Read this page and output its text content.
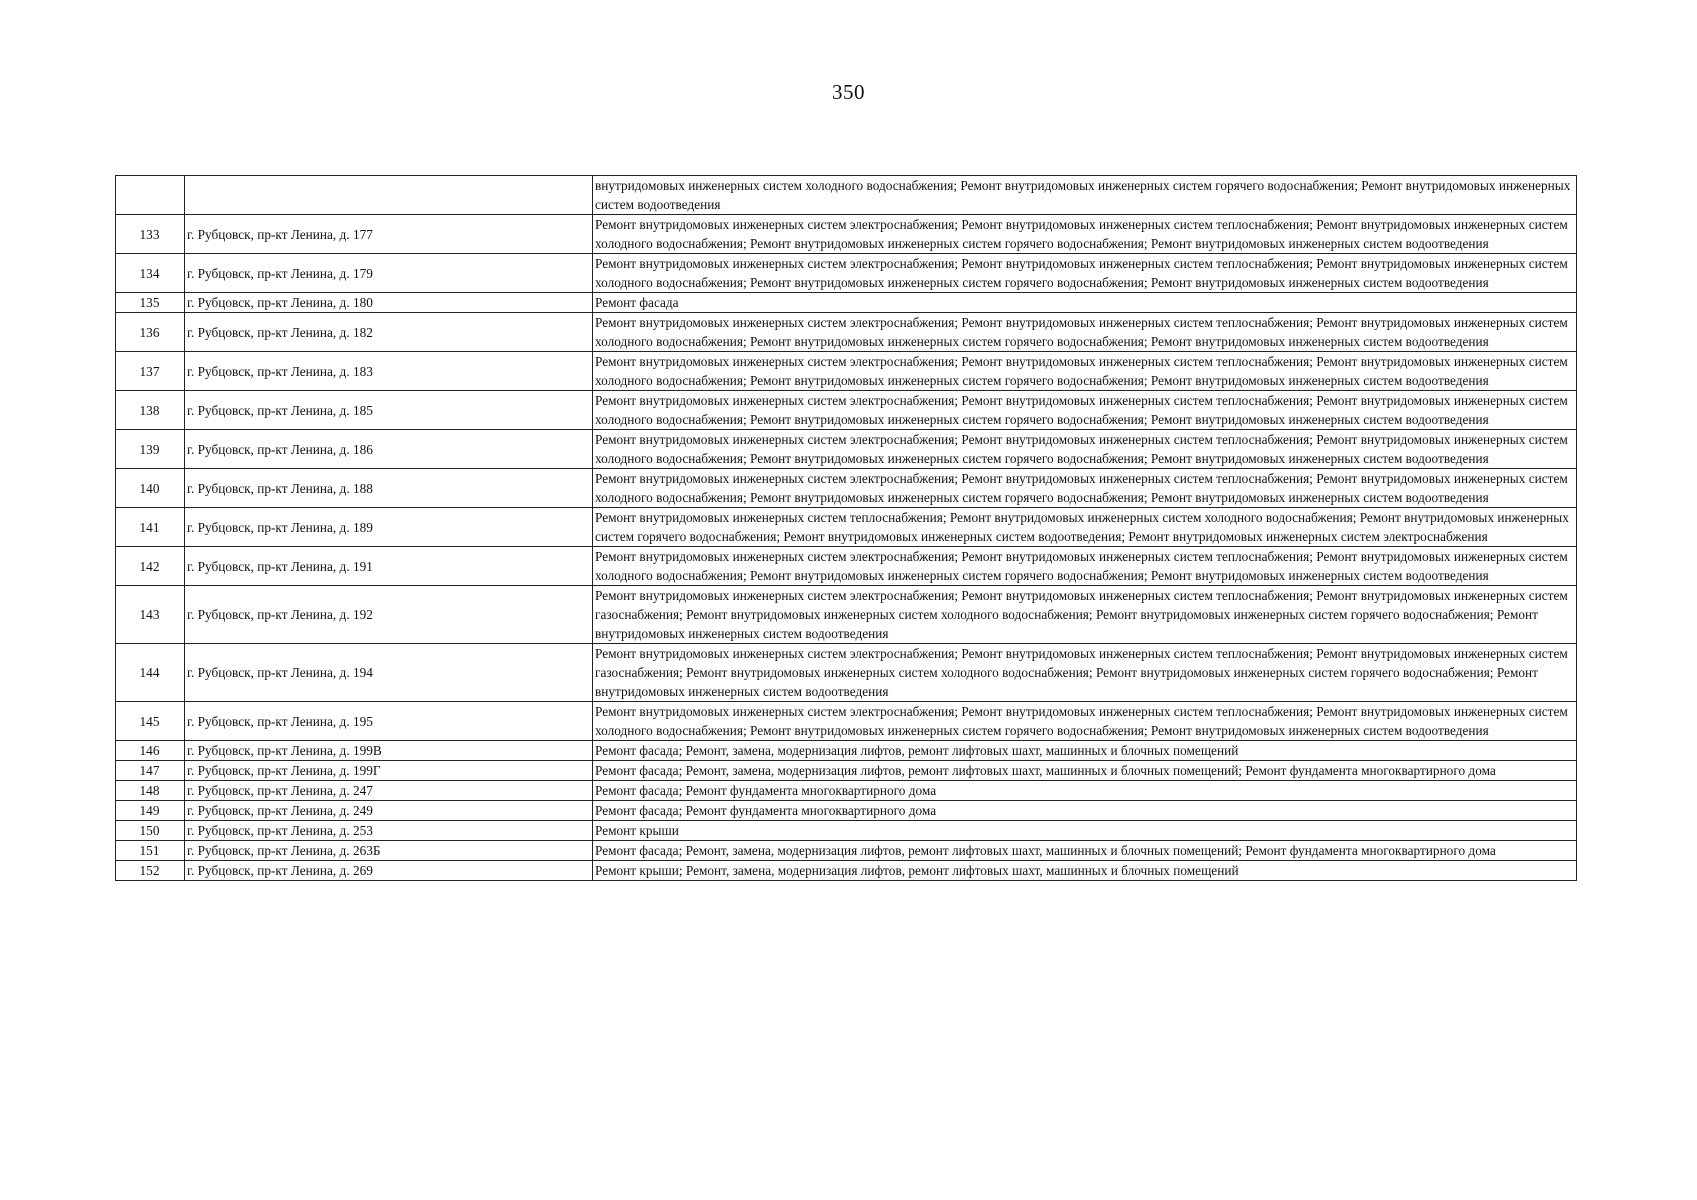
350
		внутридомовых инженерных систем холодного водоснабжения; Ремонт внутридомовых инженерных систем горячего водоснабжения; Ремонт внутридомовых инженерных систем водоотведения
133	г. Рубцовск, пр-кт Ленина, д. 177	Ремонт внутридомовых инженерных систем электроснабжения; Ремонт внутридомовых инженерных систем теплоснабжения; Ремонт внутридомовых инженерных систем холодного водоснабжения; Ремонт внутридомовых инженерных систем горячего водоснабжения; Ремонт внутридомовых инженерных систем водоотведения
134	г. Рубцовск, пр-кт Ленина, д. 179	Ремонт внутридомовых инженерных систем электроснабжения; Ремонт внутридомовых инженерных систем теплоснабжения; Ремонт внутридомовых инженерных систем холодного водоснабжения; Ремонт внутридомовых инженерных систем горячего водоснабжения; Ремонт внутридомовых инженерных систем водоотведения
135	г. Рубцовск, пр-кт Ленина, д. 180	Ремонт фасада
136	г. Рубцовск, пр-кт Ленина, д. 182	Ремонт внутридомовых инженерных систем электроснабжения; Ремонт внутридомовых инженерных систем теплоснабжения; Ремонт внутридомовых инженерных систем холодного водоснабжения; Ремонт внутридомовых инженерных систем горячего водоснабжения; Ремонт внутридомовых инженерных систем водоотведения
137	г. Рубцовск, пр-кт Ленина, д. 183	Ремонт внутридомовых инженерных систем электроснабжения; Ремонт внутридомовых инженерных систем теплоснабжения; Ремонт внутридомовых инженерных систем холодного водоснабжения; Ремонт внутридомовых инженерных систем горячего водоснабжения; Ремонт внутридомовых инженерных систем водоотведения
138	г. Рубцовск, пр-кт Ленина, д. 185	Ремонт внутридомовых инженерных систем электроснабжения; Ремонт внутридомовых инженерных систем теплоснабжения; Ремонт внутридомовых инженерных систем холодного водоснабжения; Ремонт внутридомовых инженерных систем горячего водоснабжения; Ремонт внутридомовых инженерных систем водоотведения
139	г. Рубцовск, пр-кт Ленина, д. 186	Ремонт внутридомовых инженерных систем электроснабжения; Ремонт внутридомовых инженерных систем теплоснабжения; Ремонт внутридомовых инженерных систем холодного водоснабжения; Ремонт внутридомовых инженерных систем горячего водоснабжения; Ремонт внутридомовых инженерных систем водоотведения
140	г. Рубцовск, пр-кт Ленина, д. 188	Ремонт внутридомовых инженерных систем электроснабжения; Ремонт внутридомовых инженерных систем теплоснабжения; Ремонт внутридомовых инженерных систем холодного водоснабжения; Ремонт внутридомовых инженерных систем горячего водоснабжения; Ремонт внутридомовых инженерных систем водоотведения
141	г. Рубцовск, пр-кт Ленина, д. 189	Ремонт внутридомовых инженерных систем теплоснабжения; Ремонт внутридомовых инженерных систем холодного водоснабжения; Ремонт внутридомовых инженерных систем горячего водоснабжения; Ремонт внутридомовых инженерных систем водоотведения; Ремонт внутридомовых инженерных систем электроснабжения
142	г. Рубцовск, пр-кт Ленина, д. 191	Ремонт внутридомовых инженерных систем электроснабжения; Ремонт внутридомовых инженерных систем теплоснабжения; Ремонт внутридомовых инженерных систем холодного водоснабжения; Ремонт внутридомовых инженерных систем горячего водоснабжения; Ремонт внутридомовых инженерных систем водоотведения
143	г. Рубцовск, пр-кт Ленина, д. 192	Ремонт внутридомовых инженерных систем электроснабжения; Ремонт внутридомовых инженерных систем теплоснабжения; Ремонт внутридомовых инженерных систем газоснабжения; Ремонт внутридомовых инженерных систем холодного водоснабжения; Ремонт внутридомовых инженерных систем горячего водоснабжения; Ремонт внутридомовых инженерных систем водоотведения
144	г. Рубцовск, пр-кт Ленина, д. 194	Ремонт внутридомовых инженерных систем электроснабжения; Ремонт внутридомовых инженерных систем теплоснабжения; Ремонт внутридомовых инженерных систем газоснабжения; Ремонт внутридомовых инженерных систем холодного водоснабжения; Ремонт внутридомовых инженерных систем горячего водоснабжения; Ремонт внутридомовых инженерных систем водоотведения
145	г. Рубцовск, пр-кт Ленина, д. 195	Ремонт внутридомовых инженерных систем электроснабжения; Ремонт внутридомовых инженерных систем теплоснабжения; Ремонт внутридомовых инженерных систем холодного водоснабжения; Ремонт внутридомовых инженерных систем горячего водоснабжения; Ремонт внутридомовых инженерных систем водоотведения
146	г. Рубцовск, пр-кт Ленина, д. 199В	Ремонт фасада; Ремонт, замена, модернизация лифтов, ремонт лифтовых шахт, машинных и блочных помещений
147	г. Рубцовск, пр-кт Ленина, д. 199Г	Ремонт фасада; Ремонт, замена, модернизация лифтов, ремонт лифтовых шахт, машинных и блочных помещений; Ремонт фундамента многоквартирного дома
148	г. Рубцовск, пр-кт Ленина, д. 247	Ремонт фасада; Ремонт фундамента многоквартирного дома
149	г. Рубцовск, пр-кт Ленина, д. 249	Ремонт фасада; Ремонт фундамента многоквартирного дома
150	г. Рубцовск, пр-кт Ленина, д. 253	Ремонт крыши
151	г. Рубцовск, пр-кт Ленина, д. 263Б	Ремонт фасада; Ремонт, замена, модернизация лифтов, ремонт лифтовых шахт, машинных и блочных помещений; Ремонт фундамента многоквартирного дома
152	г. Рубцовск, пр-кт Ленина, д. 269	Ремонт крыши; Ремонт, замена, модернизация лифтов, ремонт лифтовых шахт, машинных и блочных помещений
